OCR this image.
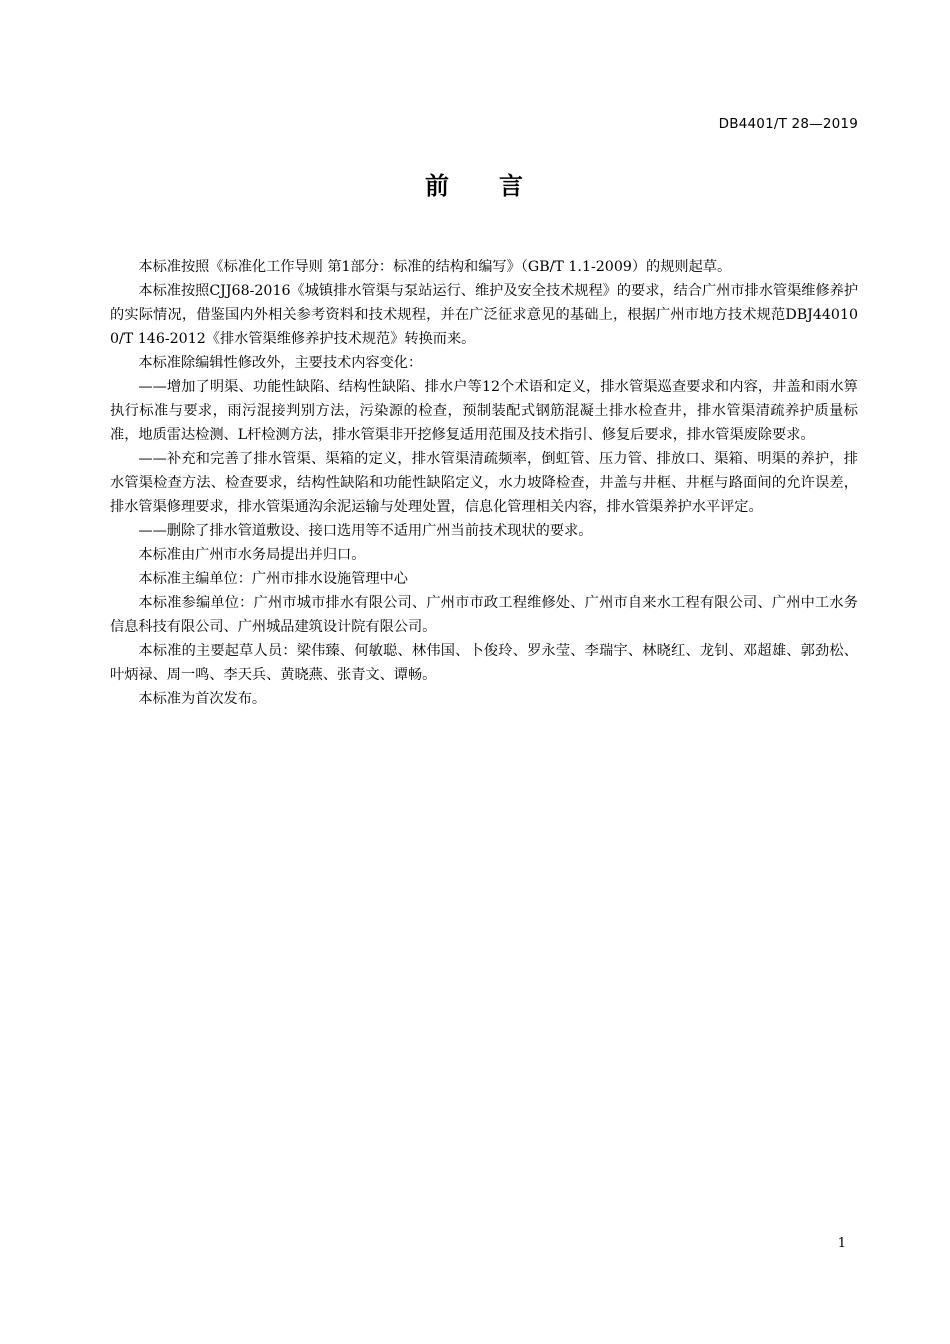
DB4401/T 28—2019
前 言

本标准按照《标准化工作导则 第1部分：标准的结构和编写》（GB/T 1.1-2009）的规则起草。

本标准按照CJJ68-2016《城镇排水管渠与泵站运行、维护及安全技术规程》的要求，结合广州市排水管渠维修养护的实际情况，借鉴国内外相关参考资料和技术规程，并在广泛征求意见的基础上，根据广州市地方技术规范DBJ440100/T 146-2012《排水管渠维修养护技术规范》转换而来。

本标准除编辑性修改外，主要技术内容变化：

——增加了明渠、功能性缺陷、结构性缺陷、排水户等12个术语和定义，排水管渠巡查要求和内容，井盖和雨水箅执行标准与要求，雨污混接判别方法，污染源的检查，预制装配式钢筋混凝土排水检查井，排水管渠清疏养护质量标准，地质雷达检测、L杆检测方法，排水管渠非开挖修复适用范围及技术指引、修复后要求，排水管渠废除要求。

——补充和完善了排水管渠、渠箱的定义，排水管渠清疏频率，倒虹管、压力管、排放口、渠箱、明渠的养护，排水管渠检查方法、检查要求，结构性缺陷和功能性缺陷定义，水力坡降检查，井盖与井框、井框与路面间的允许误差，排水管渠修理要求，排水管渠通沟余泥运输与处理处置，信息化管理相关内容，排水管渠养护水平评定。

——删除了排水管道敷设、接口选用等不适用广州当前技术现状的要求。

本标准由广州市水务局提出并归口。

本标准主编单位：广州市排水设施管理中心

本标准参编单位：广州市城市排水有限公司、广州市市政工程维修处、广州市自来水工程有限公司、广州中工水务信息科技有限公司、广州城品建筑设计院有限公司。

本标准的主要起草人员：梁伟臻、何敏聪、林伟国、卜俊玲、罗永莹、李瑞宇、林晓红、龙钊、邓超雄、郭劲松、叶炳禄、周一鸣、李天兵、黄晓燕、张青文、谭畅。

本标准为首次发布。

1
